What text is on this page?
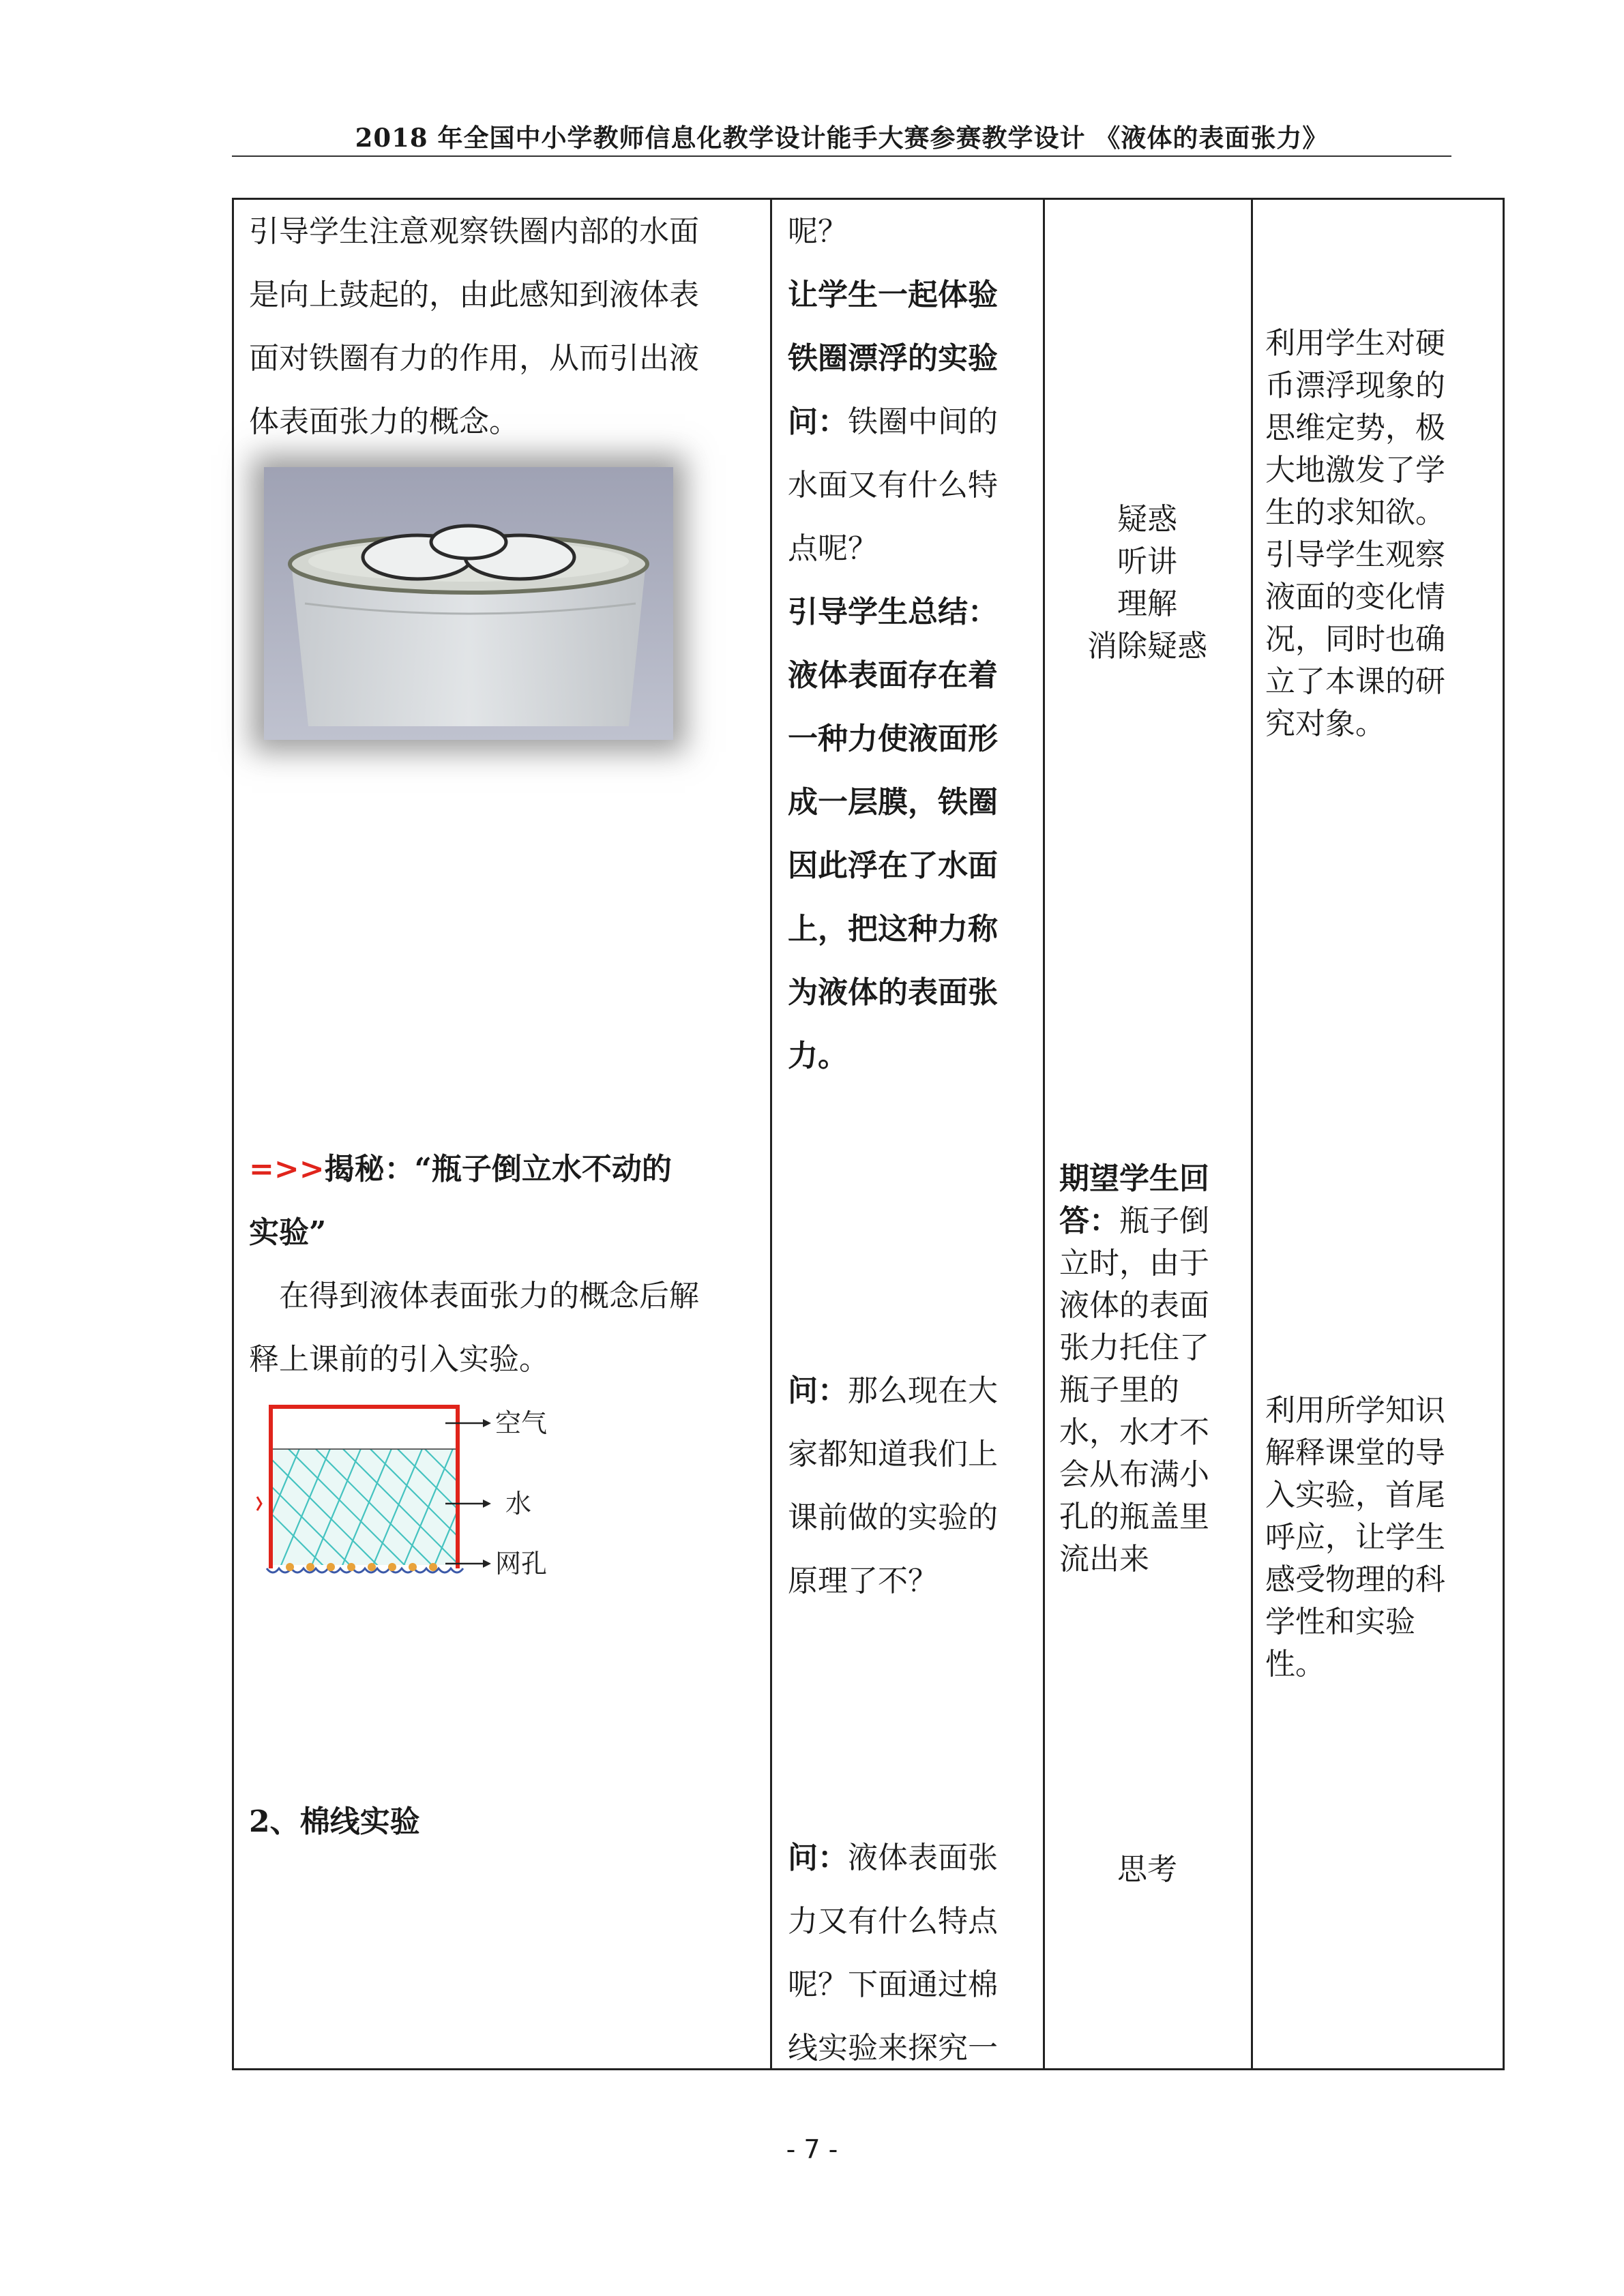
2018 年全国中小学教师信息化教学设计能手大赛参赛教学设计 《液体的表面张力》

引导学生注意观察铁圈内部的水面

是向上鼓起的，由此感知到液体表

面对铁圈有力的作用，从而引出液

体表面张力的概念。

=>>揭秘：“瓶子倒立水不动的

实验”

在得到液体表面张力的概念后解

释上课前的引入实验。

空气
水
网孔

2、棉线实验

呢？

让学生一起体验

铁圈漂浮的实验

问：铁圈中间的

水面又有什么特

点呢？

引导学生总结：

液体表面存在着

一种力使液面形

成一层膜，铁圈

因此浮在了水面

上，把这种力称

为液体的表面张

力。

问：那么现在大

家都知道我们上

课前做的实验的

原理了不？

问：液体表面张

力又有什么特点

呢？下面通过棉

线实验来探究一

疑惑

听讲

理解

消除疑惑

期望学生回

答：瓶子倒

立时，由于

液体的表面

张力托住了

瓶子里的

水，水才不

会从布满小

孔的瓶盖里

流出来

思考

利用学生对硬

币漂浮现象的

思维定势，极

大地激发了学

生的求知欲。

引导学生观察

液面的变化情

况，同时也确

立了本课的研

究对象。

利用所学知识

解释课堂的导

入实验，首尾

呼应，让学生

感受物理的科

学性和实验

性。

- 7 -
